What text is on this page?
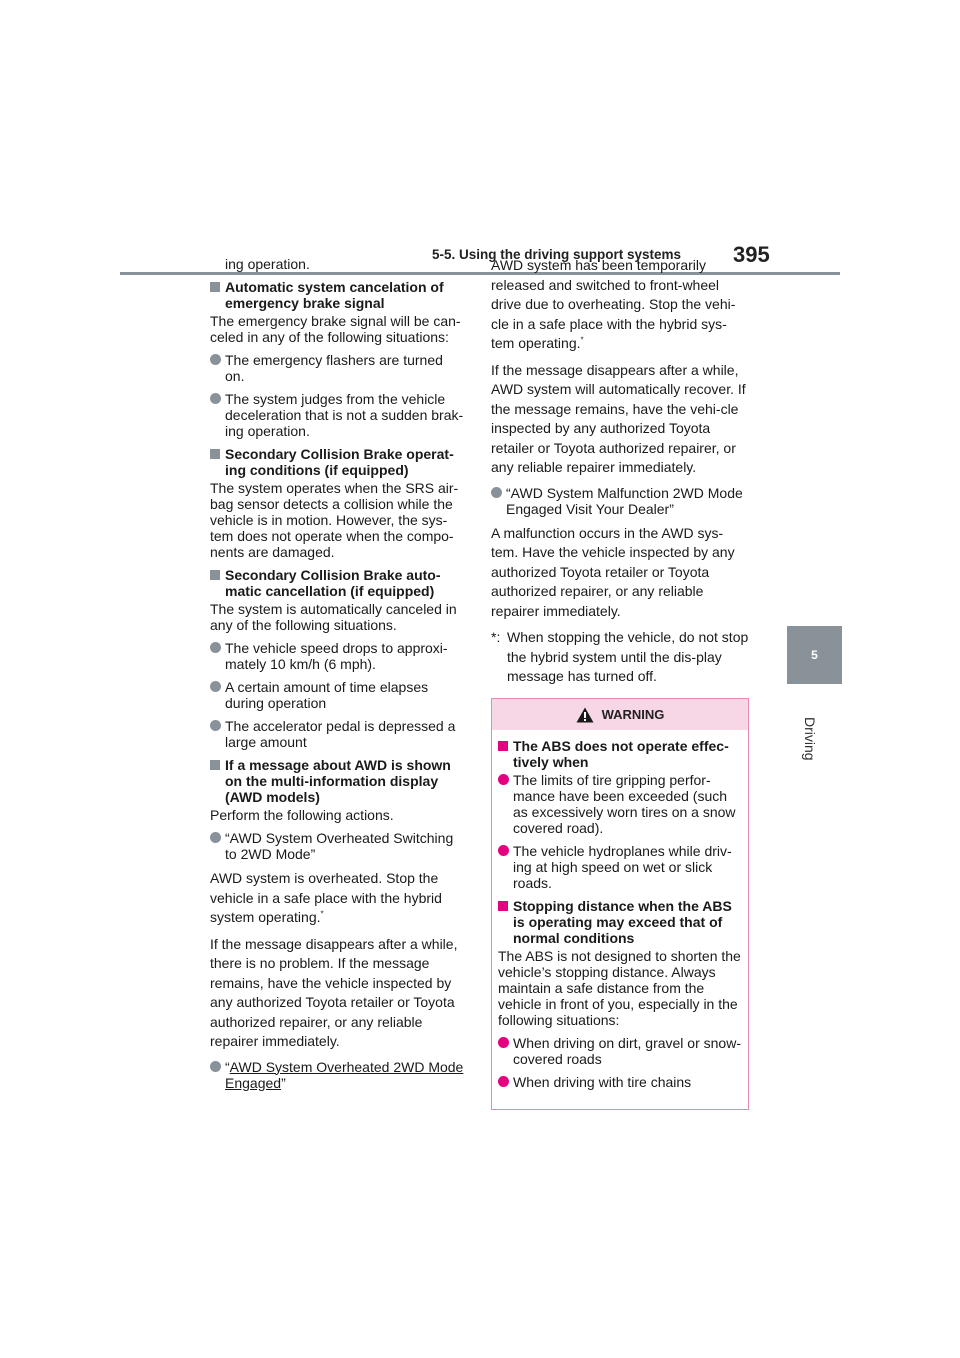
5-5. Using the driving support systems 395
5
Driving

ing operation.

Automatic system cancelation of emergency brake signal

The emergency brake signal will be can-celed in any of the following situations:

The emergency flashers are turned on.
The system judges from the vehicle deceleration that is not a sudden brak-ing operation.
Secondary Collision Brake operat-ing conditions (if equipped)

The system operates when the SRS air-bag sensor detects a collision while the vehicle is in motion. However, the sys-tem does not operate when the compo-nents are damaged.

Secondary Collision Brake auto-matic cancellation (if equipped)

The system is automatically canceled in any of the following situations.

The vehicle speed drops to approxi-mately 10 km/h (6 mph).
A certain amount of time elapses during operation
The accelerator pedal is depressed a large amount
If a message about AWD is shown on the multi-information display (AWD models)

Perform the following actions.

“AWD System Overheated Switching to 2WD Mode”

AWD system is overheated. Stop the vehicle in a safe place with the hybrid system operating.*

If the message disappears after a while, there is no problem. If the message remains, have the vehicle inspected by any authorized Toyota retailer or Toyota authorized repairer, or any reliable repairer immediately.

“AWD System Overheated 2WD Mode Engaged”

AWD system has been temporarily released and switched to front-wheel drive due to overheating. Stop the vehi-cle in a safe place with the hybrid sys-tem operating.*

If the message disappears after a while, AWD system will automatically recover. If the message remains, have the vehi-cle inspected by any authorized Toyota retailer or Toyota authorized repairer, or any reliable repairer immediately.

“AWD System Malfunction 2WD Mode Engaged Visit Your Dealer”

A malfunction occurs in the AWD sys-tem. Have the vehicle inspected by any authorized Toyota retailer or Toyota authorized repairer, or any reliable repairer immediately.

*: When stopping the vehicle, do not stop the hybrid system until the dis-play message has turned off.
WARNING
The ABS does not operate effec-tively when
The limits of tire gripping perfor-mance have been exceeded (such as excessively worn tires on a snow covered road).
The vehicle hydroplanes while driv-ing at high speed on wet or slick roads.
Stopping distance when the ABS is operating may exceed that of normal conditions

The ABS is not designed to shorten the vehicle’s stopping distance. Always maintain a safe distance from the vehicle in front of you, especially in the following situations:

When driving on dirt, gravel or snow-covered roads
When driving with tire chains
